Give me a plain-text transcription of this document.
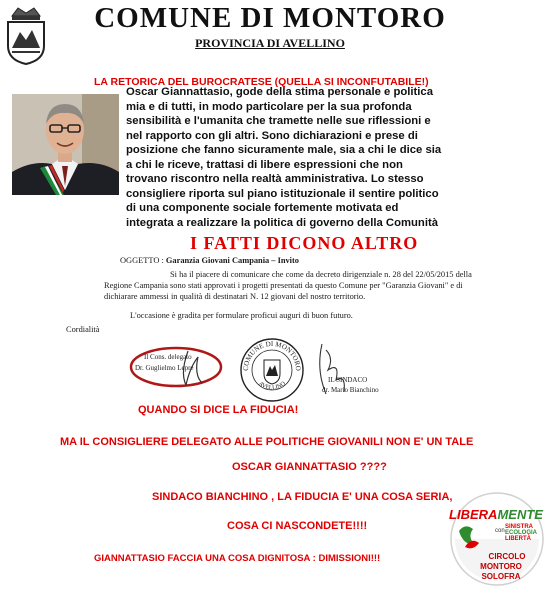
COMUNE DI MONTORO
PROVINCIA DI AVELLINO
LA RETORICA DEL BUROCRATESE (QUELLA SI INCONFUTABILE!)
Oscar Giannattasio, gode della stima personale e politica
mia e di tutti, in modo particolare per la sua profonda
sensibilità e l'umanita che tramette nelle sue riflessioni e
nel rapporto con gli altri. Sono dichiarazioni e prese di
posizione che fanno sicuramente male, sia a chi le dice sia
a chi le riceve, trattasi di libere espressioni che non
trovano riscontro nella realtà amministrativa. Lo stesso
consigliere riporta sul piano istituzionale il sentire politico
di una componente sociale fortemente motivata ed
integrata a realizzare la politica di governo della Comunità
I FATTI DICONO ALTRO
OGGETTO : Garanzia Giovani Campania – Invito
Si ha il piacere di comunicare che come da decreto dirigenziale n. 28 del 22/05/2015 della
Regione Campania sono stati approvati i progetti presentati da questo Comune per "Garanzia Giovani" e di
dichiarare ammessi in qualità di destinatari N. 12 giovani del nostro territorio.
L'occasione è gradita per formulare proficui auguri di buon futuro.
Cordialità
Il Cons. delegato
Dr. Guglielmo Lepre	COMUNE DI MONTORO
AVELLINO
IL SINDACO
dr. Mario Bianchino
QUANDO SI DICE LA FIDUCIA!
MA IL CONSIGLIERE DELEGATO ALLE POLITICHE GIOVANILI NON E' UN TALE
OSCAR GIANNATTASIO ????
SINDACO BIANCHINO , LA FIDUCIA E' UNA COSA SERIA,
COSA CI NASCONDETE!!!!
GIANNATTASIO FACCIA UNA COSA DIGNITOSA : DIMISSIONI!!!
LIBERAMENTE
con
SINISTRA
ECOLOGIA
LIBERTÀ
CIRCOLO
MONTORO
SOLOFRA
